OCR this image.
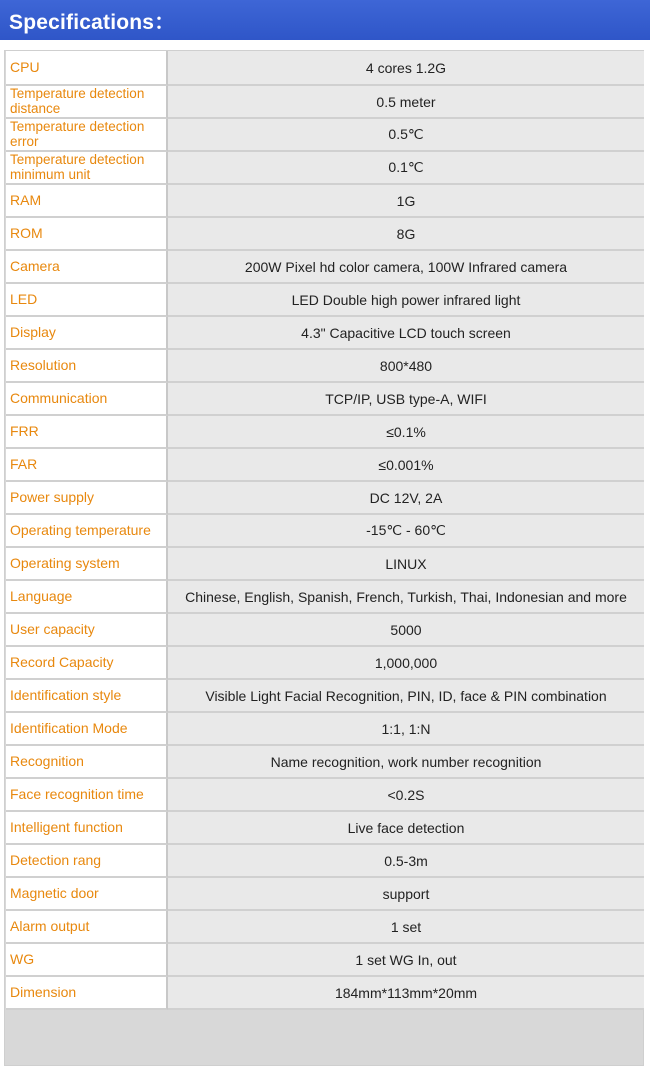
Specifications：
CPU	4 cores 1.2G
Temperature detection distance	0.5 meter
Temperature detection error	0.5℃
Temperature detection minimum unit	0.1℃
RAM	1G
ROM	8G
Camera	200W Pixel hd color camera, 100W Infrared camera
LED	LED Double high power infrared light
Display	4.3" Capacitive LCD touch screen
Resolution	800*480
Communication	TCP/IP, USB type-A, WIFI
FRR	≤0.1%
FAR	≤0.001%
Power supply	DC 12V, 2A
Operating temperature	-15℃ - 60℃
Operating system	LINUX
Language	Chinese, English, Spanish, French, Turkish, Thai, Indonesian and more
User capacity	5000
Record Capacity	1,000,000
Identification style	Visible Light Facial Recognition, PIN, ID, face & PIN combination
Identification Mode	1:1, 1:N
Recognition	Name recognition, work number recognition
Face recognition time	<0.2S
Intelligent function	Live face detection
Detection rang	0.5-3m
Magnetic door	support
Alarm output	1 set
WG	1 set WG In, out
Dimension	184mm*113mm*20mm
